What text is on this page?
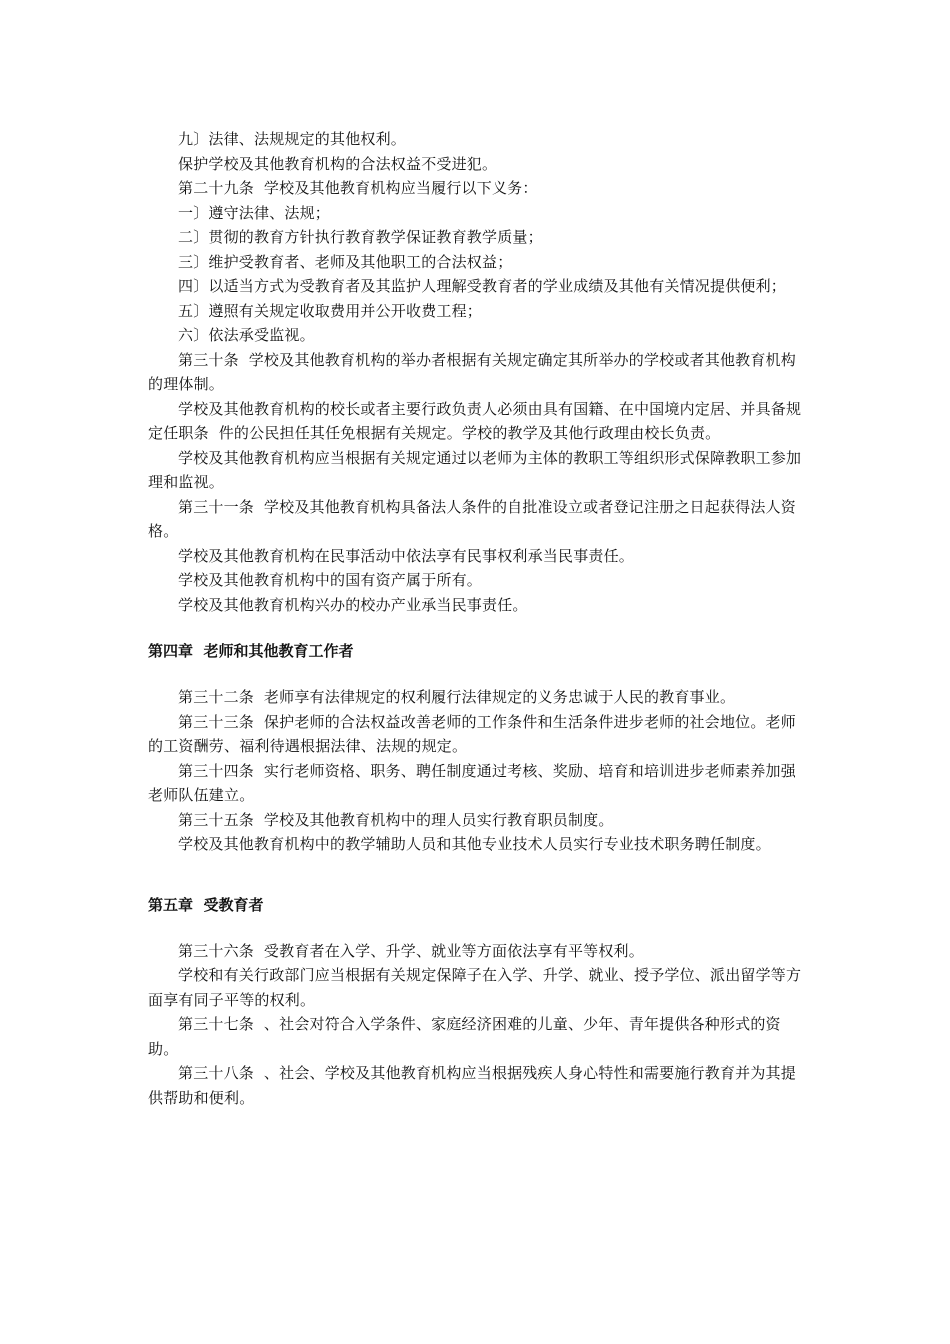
九〕法律、法规规定的其他权利。

保护学校及其他教育机构的合法权益不受进犯。

第二十九条  学校及其他教育机构应当履行以下义务：

一〕遵守法律、法规；

二〕贯彻的教育方针执行教育教学保证教育教学质量；

三〕维护受教育者、老师及其他职工的合法权益；

四〕以适当方式为受教育者及其监护人理解受教育者的学业成绩及其他有关情况提供便利；

五〕遵照有关规定收取费用并公开收费工程；

六〕依法承受监视。

第三十条  学校及其他教育机构的举办者根据有关规定确定其所举办的学校或者其他教育机构的理体制。

学校及其他教育机构的校长或者主要行政负责人必须由具有国籍、在中国境内定居、并具备规定任职条  件的公民担任其任免根据有关规定。学校的教学及其他行政理由校长负责。

学校及其他教育机构应当根据有关规定通过以老师为主体的教职工等组织形式保障教职工参加理和监视。

第三十一条  学校及其他教育机构具备法人条件的自批准设立或者登记注册之日起获得法人资格。

学校及其他教育机构在民事活动中依法享有民事权利承当民事责任。

学校及其他教育机构中的国有资产属于所有。

学校及其他教育机构兴办的校办产业承当民事责任。

第四章  老师和其他教育工作者

第三十二条  老师享有法律规定的权利履行法律规定的义务忠诚于人民的教育事业。

第三十三条  保护老师的合法权益改善老师的工作条件和生活条件进步老师的社会地位。老师的工资酬劳、福利待遇根据法律、法规的规定。

第三十四条  实行老师资格、职务、聘任制度通过考核、奖励、培育和培训进步老师素养加强老师队伍建立。

第三十五条  学校及其他教育机构中的理人员实行教育职员制度。

学校及其他教育机构中的教学辅助人员和其他专业技术人员实行专业技术职务聘任制度。

第五章  受教育者

第三十六条  受教育者在入学、升学、就业等方面依法享有平等权利。

学校和有关行政部门应当根据有关规定保障子在入学、升学、就业、授予学位、派出留学等方面享有同子平等的权利。

第三十七条  、社会对符合入学条件、家庭经济困难的儿童、少年、青年提供各种形式的资助。

第三十八条  、社会、学校及其他教育机构应当根据残疾人身心特性和需要施行教育并为其提供帮助和便利。
